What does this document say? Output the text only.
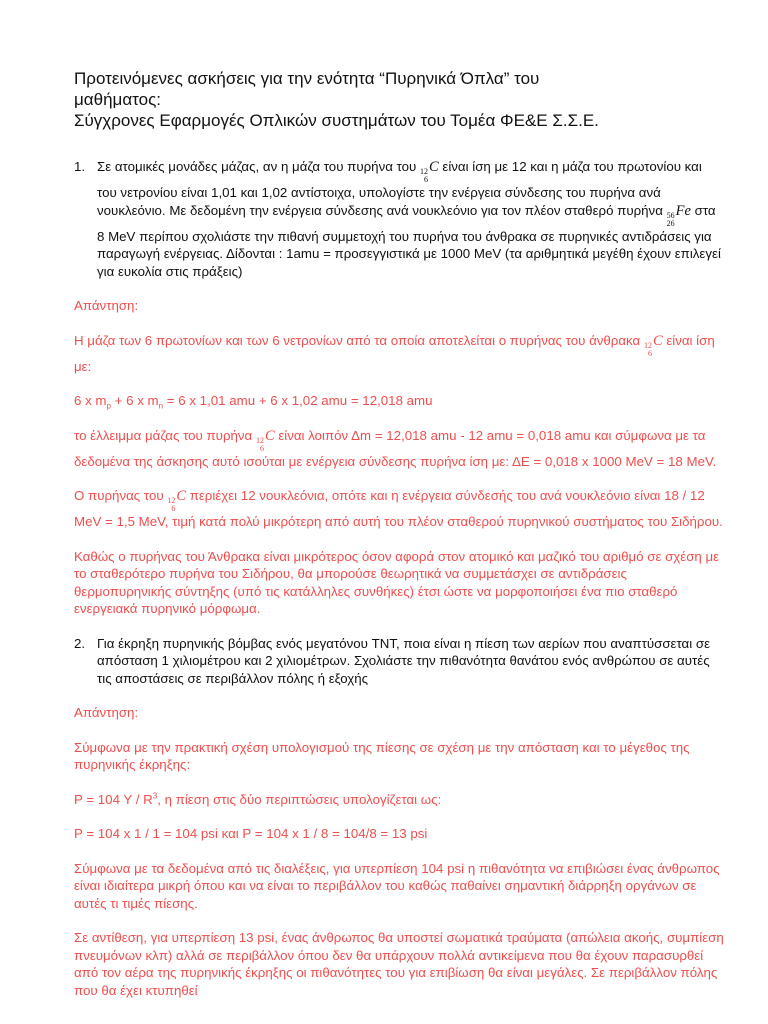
Προτεινόμενες ασκήσεις για την ενότητα “Πυρηνικά Όπλα” του
μαθήματος:
Σύγχρονες Εφαρμογές Οπλικών συστημάτων του Τομέα ΦΕ&Ε Σ.Σ.Ε.

1. Σε ατομικές μονάδες μάζας, αν η μάζα του πυρήνα του 12
6
C είναι ίση με 12 και η μάζα του πρωτονίου και του νετρονίου είναι 1,01 και 1,02 αντίστοιχα, υπολογίστε την ενέργεια σύνδεσης του πυρήνα ανά νουκλεόνιο. Με δεδομένη την ενέργεια σύνδεσης ανά νουκλεόνιο για τον πλέον σταθερό πυρήνα 56
26
Fe στα 8 MeV περίπου σχολιάστε την πιθανή συμμετοχή του πυρήνα του άνθρακα σε πυρηνικές αντιδράσεις για παραγωγή ενέργειας. Δίδονται : 1amu = προσεγγιστικά με 1000 MeV (τα αριθμητικά μεγέθη έχουν επιλεγεί για ευκολία στις πράξεις)

Απάντηση:

Η μάζα των 6 πρωτονίων και των 6 νετρονίων από τα οποία αποτελείται ο πυρήνας του άνθρακα 12
6
C είναι ίση με:

6 x $m_p + 6$ x $m_n = 6$ x 1,01 amu + 6 x 1,02 amu = 12,018 amu

το έλλειμμα μάζας του πυρήνα 12
6
C είναι λοιπόν Δm = 12,018 amu - 12 amu = 0,018 amu και σύμφωνα με τα δεδομένα της άσκησης αυτό ισούται με ενέργεια σύνδεσης πυρήνα ίση με: ΔE = 0,018 x 1000 MeV = 18 MeV.

Ο πυρήνας του 12
6
C περιέχει 12 νουκλεόνια, οπότε και η ενέργεια σύνδεσής του ανά νουκλεόνιο είναι 18 / 12 MeV = 1,5 MeV, τιμή κατά πολύ μικρότερη από αυτή του πλέον σταθερού πυρηνικού συστήματος του Σιδήρου.

Καθώς ο πυρήνας του Άνθρακα είναι μικρότερος όσον αφορά στον ατομικό και μαζικό του αριθμό σε σχέση με το σταθερότερο πυρήνα του Σιδήρου, θα μπορούσε θεωρητικά να συμμετάσχει σε αντιδράσεις θερμοπυρηνικής σύντηξης (υπό τις κατάλληλες συνθήκες) έτσι ώστε να μορφοποιήσει ένα πιο σταθερό ενεργειακά πυρηνικό μόρφωμα.

2. Για έκρηξη πυρηνικής βόμβας ενός μεγατόνου TNT, ποια είναι η πίεση των αερίων που αναπτύσσεται σε απόσταση 1 χιλιομέτρου και 2 χιλιομέτρων. Σχολιάστε την πιθανότητα θανάτου ενός ανθρώπου σε αυτές τις αποστάσεις σε περιβάλλον πόλης ή εξοχής

Απάντηση:

Σύμφωνα με την πρακτική σχέση υπολογισμού της πίεσης σε σχέση με την απόσταση και το μέγεθος της πυρηνικής έκρηξης:

P = 104 Y / $R^3$, η πίεση στις δύο περιπτώσεις υπολογίζεται ως:

P = 104 x 1 / 1 = 104 psi και P = 104 x 1 / 8 = 104/8 = 13 psi

Σύμφωνα με τα δεδομένα από τις διαλέξεις, για υπερπίεση 104 psi η πιθανότητα να επιβιώσει ένας άνθρωπος είναι ιδιαίτερα μικρή όπου και να είναι το περιβάλλον του καθώς παθαίνει σημαντική διάρρηξη οργάνων σε αυτές τι τιμές πίεσης.

Σε αντίθεση, για υπερπίεση 13 psi, ένας άνθρωπος θα υποστεί σωματικά τραύματα (απώλεια ακοής, συμπίεση πνευμόνων κλπ) αλλά σε περιβάλλον όπου δεν θα υπάρχουν πολλά αντικείμενα που θα έχουν παρασυρθεί από τον αέρα της πυρηνικής έκρηξης οι πιθανότητες του για επιβίωση θα είναι μεγάλες. Σε περιβάλλον πόλης που θα έχει κτυπηθεί
